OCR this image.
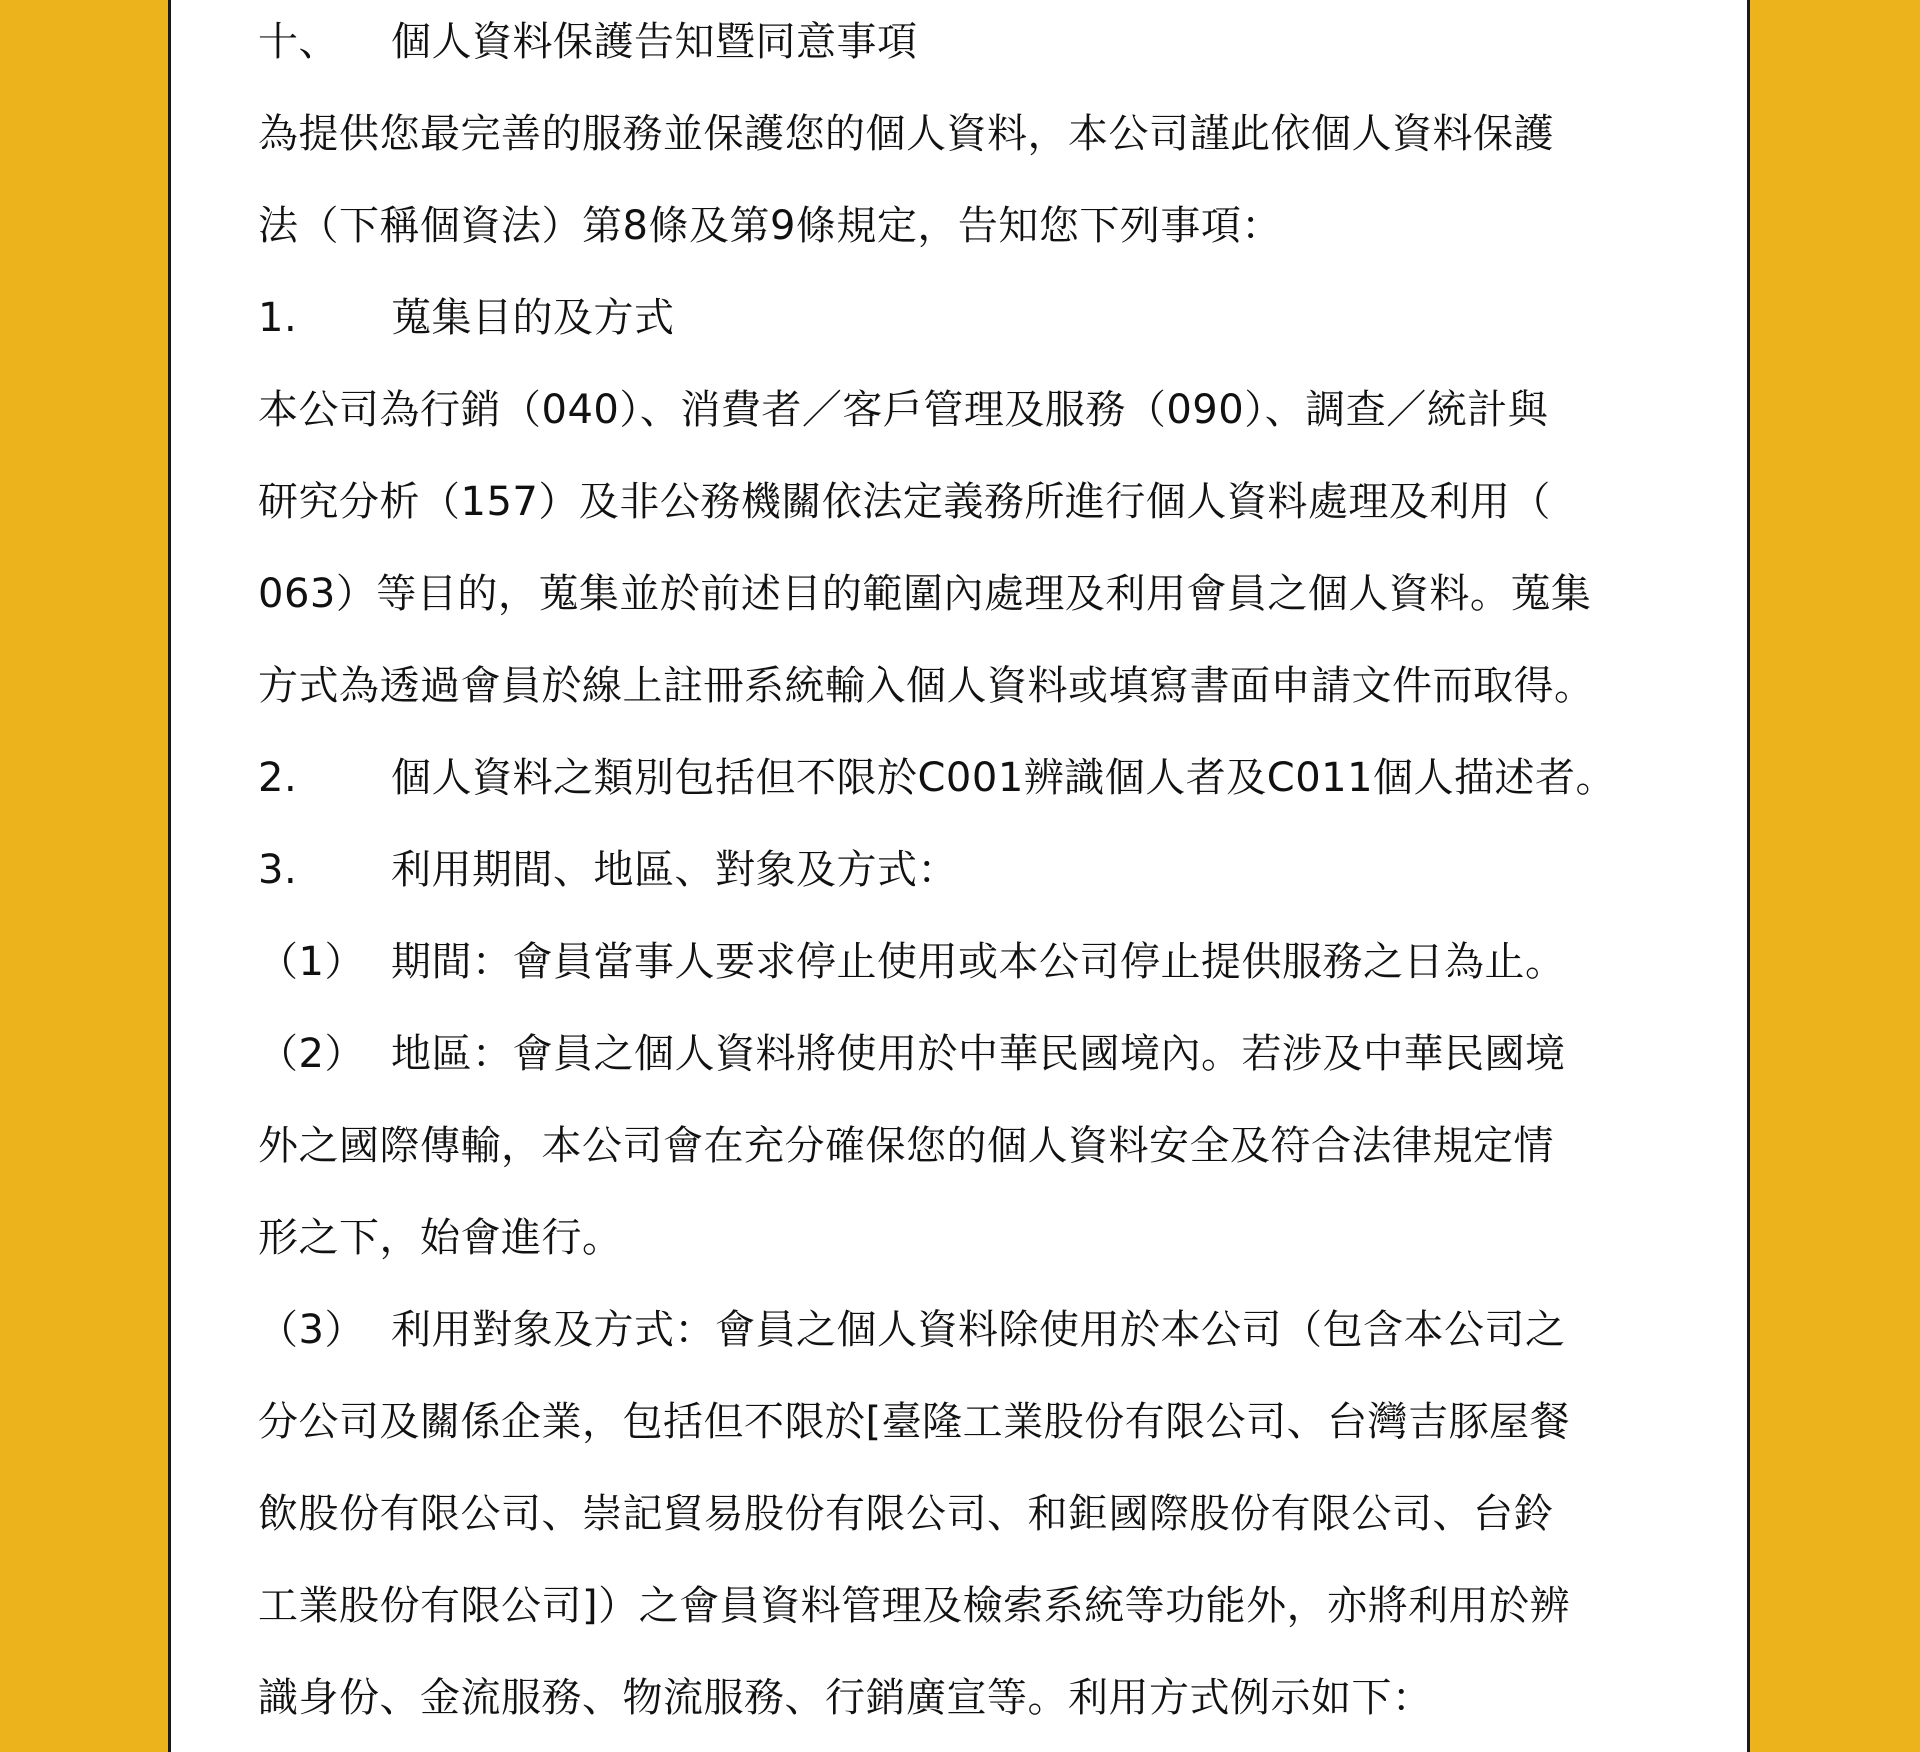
十、 個人資料保護告知暨同意事項
為提供您最完善的服務並保護您的個人資料，本公司謹此依個人資料保護
法（下稱個資法）第8條及第9條規定，告知您下列事項：
1. 蒐集目的及方式
本公司為行銷（040）、消費者／客戶管理及服務（090）、調查／統計與
研究分析（157）及非公務機關依法定義務所進行個人資料處理及利用（
063）等目的，蒐集並於前述目的範圍內處理及利用會員之個人資料。蒐集
方式為透過會員於線上註冊系統輸入個人資料或填寫書面申請文件而取得。
2. 個人資料之類別包括但不限於C001辨識個人者及C011個人描述者。
3. 利用期間、地區、對象及方式：
（1） 期間：會員當事人要求停止使用或本公司停止提供服務之日為止。
（2） 地區：會員之個人資料將使用於中華民國境內。若涉及中華民國境
外之國際傳輸，本公司會在充分確保您的個人資料安全及符合法律規定情
形之下，始會進行。
（3） 利用對象及方式：會員之個人資料除使用於本公司（包含本公司之
分公司及關係企業，包括但不限於[臺隆工業股份有限公司、台灣吉豚屋餐
飲股份有限公司、崇記貿易股份有限公司、和鉅國際股份有限公司、台鈴
工業股份有限公司]）之會員資料管理及檢索系統等功能外，亦將利用於辨
識身份、金流服務、物流服務、行銷廣宣等。利用方式例示如下：
